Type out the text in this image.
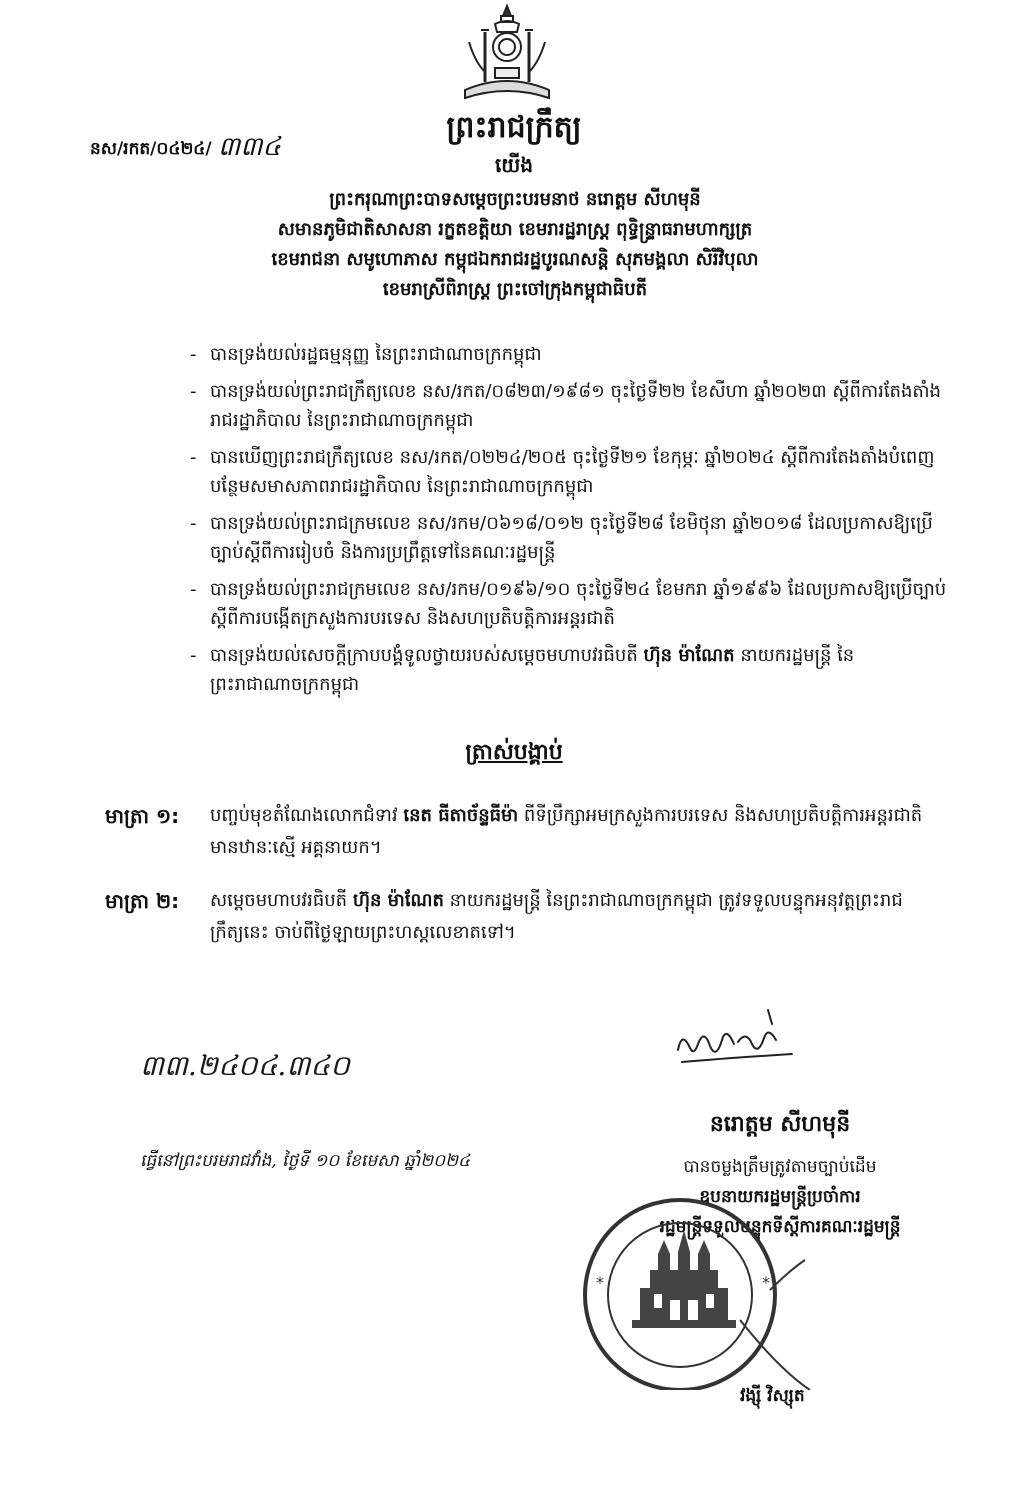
ព្រះរាជក្រឹត្យ
នស/រកត/០៤២៤/ ៣៣៤
យើង
ព្រះករុណាព្រះបាទសម្តេចព្រះបរមនាថ នរោត្តម សីហមុនី
សមានភូមិជាតិសាសនា រក្ខតខត្តិយា ខេមរារដ្ឋរាស្ត្រ ពុទ្ធិន្ទ្រាធរាមហាក្សត្រ
ខេមរាជនា សមូហោភាស កម្ពុជឯករាជរដ្ឋបូរណសន្តិ សុភមង្គលា សិរីវិបុលា
ខេមរាស្រីពិរាស្ត្រ ព្រះចៅក្រុងកម្ពុជាធិបតី
- បានទ្រង់យល់រដ្ឋធម្មនុញ្ញ នៃព្រះរាជាណាចក្រកម្ពុជា
- បានទ្រង់យល់ព្រះរាជក្រឹត្យលេខ នស/រកត/០៨២៣/១៩៨១ ចុះថ្ងៃទី២២ ខែសីហា ឆ្នាំ២០២៣ ស្តីពីការតែងតាំងរាជរដ្ឋាភិបាល នៃព្រះរាជាណាចក្រកម្ពុជា
- បានឃើញព្រះរាជក្រឹត្យលេខ នស/រកត/០២២៤/២០៥ ចុះថ្ងៃទី២១ ខែកុម្ភៈ ឆ្នាំ២០២៤ ស្តីពីការតែងតាំងបំពេញបន្ថែមសមាសភាពរាជរដ្ឋាភិបាល នៃព្រះរាជាណាចក្រកម្ពុជា
- បានទ្រង់យល់ព្រះរាជក្រមលេខ នស/រកម/០៦១៨/០១២ ចុះថ្ងៃទី២៨ ខែមិថុនា ឆ្នាំ២០១៨ ដែលប្រកាសឱ្យប្រើច្បាប់ស្តីពីការរៀបចំ និងការប្រព្រឹត្តទៅនៃគណៈរដ្ឋមន្ត្រី
- បានទ្រង់យល់ព្រះរាជក្រមលេខ នស/រកម/០១៩៦/១០ ចុះថ្ងៃទី២៤ ខែមករា ឆ្នាំ១៩៩៦ ដែលប្រកាសឱ្យប្រើច្បាប់ស្តីពីការបង្កើតក្រសួងការបរទេស និងសហប្រតិបត្តិការអន្តរជាតិ
- បានទ្រង់យល់សេចក្តីក្រាបបង្គំទូលថ្វាយរបស់សម្តេចមហាបវរធិបតី ហ៊ុន ម៉ាណែត នាយករដ្ឋមន្ត្រី នៃព្រះរាជាណាចក្រកម្ពុជា
ត្រាស់បង្គាប់
មាត្រា ១: បញ្ចប់មុខតំណែងលោកជំទាវ នេត ធីតាច័ន្ទធីម៉ា ពីទីប្រឹក្សាអមក្រសួងការបរទេស និងសហប្រតិបត្តិការអន្តរជាតិ មានឋានៈស្មើ អគ្គនាយក។
មាត្រា ២: សម្តេចមហាបវរធិបតី ហ៊ុន ម៉ាណែត នាយករដ្ឋមន្ត្រី នៃព្រះរាជាណាចក្រកម្ពុជា ត្រូវទទួលបន្ទុកអនុវត្តព្រះរាជក្រឹត្យនេះ ចាប់ពីថ្ងៃឡាយព្រះហស្តលេខាតទៅ។
៣៣.២៤០៤.៣៤០
ធ្វើនៅព្រះបរមរាជវាំង, ថ្ងៃទី ១០ ខែមេសា ឆ្នាំ២០២៤
នរោត្តម សីហមុនី
បានចម្លងត្រឹមត្រូវតាមច្បាប់ដើម
ឧបនាយករដ្ឋមន្ត្រីប្រចាំការ
រដ្ឋមន្ត្រីទទួលបន្ទុកទីស្តីការគណៈរដ្ឋមន្ត្រី
*	*
វង្ស៊ី វិស្សុត
